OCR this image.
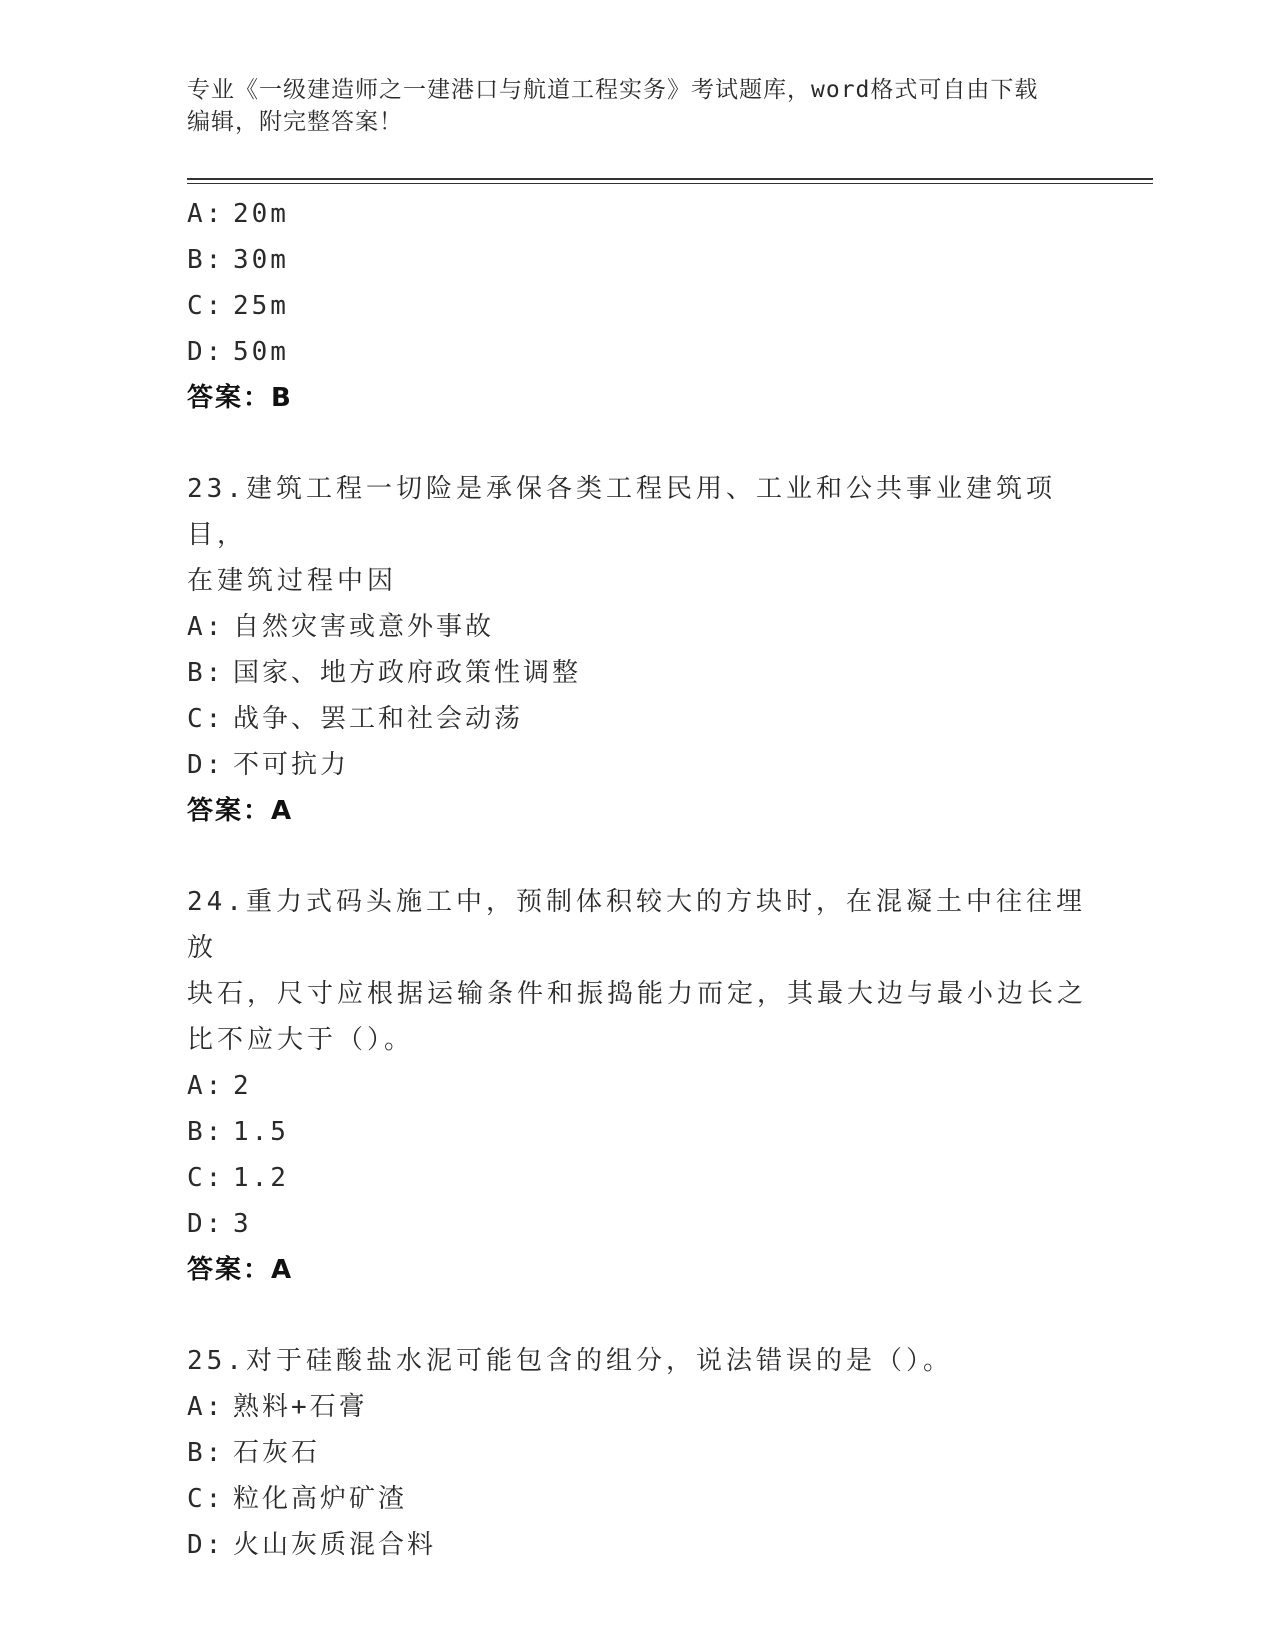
专业《一级建造师之一建港口与航道工程实务》考试题库，word格式可自由下载
编辑，附完整答案！
A: 20m
B: 30m
C: 25m
D: 50m
答案：B
23.建筑工程一切险是承保各类工程民用、工业和公共事业建筑项目，
在建筑过程中因
A: 自然灾害或意外事故
B: 国家、地方政府政策性调整
C: 战争、罢工和社会动荡
D: 不可抗力
答案：A
24.重力式码头施工中，预制体积较大的方块时，在混凝土中往往埋放
块石，尺寸应根据运输条件和振捣能力而定，其最大边与最小边长之
比不应大于（）。
A: 2
B: 1.5
C: 1.2
D: 3
答案：A
25.对于硅酸盐水泥可能包含的组分，说法错误的是（）。
A: 熟料+石膏
B: 石灰石
C: 粒化高炉矿渣
D: 火山灰质混合料
